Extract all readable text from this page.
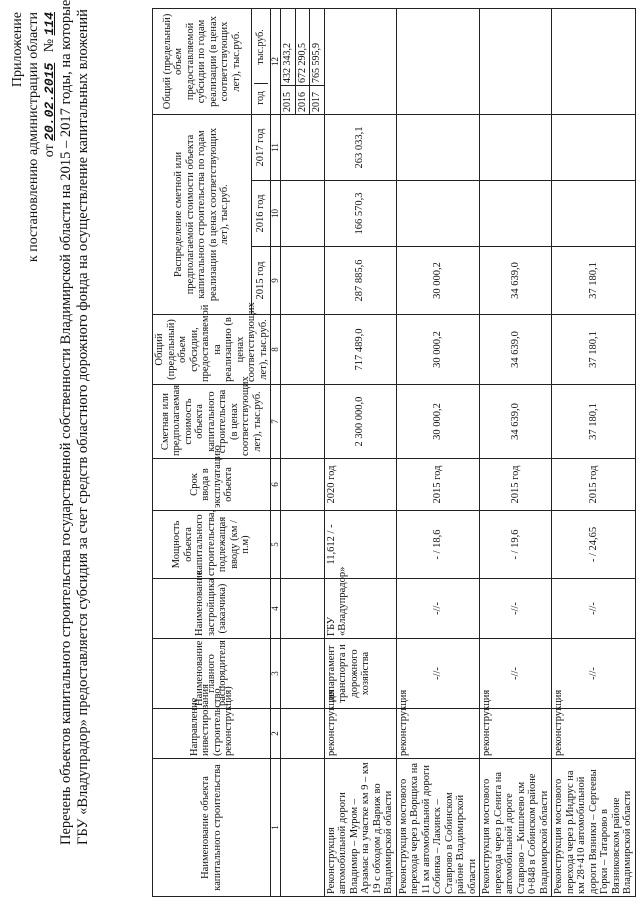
Приложение к постановлению администрации области от 20.02.2015   № 114 Перечень объектов капитального строительства государственной собственности Владимирской области на 2015 – 2017 годы, на которые ГБУ «Владупрадор» предоставляется субсидия за счет средств областного дорожного фонда на осуществление капитальных вложений	Наименование объекта капитального строительства	Направление инвестирования (строительство, реконструкция)	Наименование главного распорядителя	Наименование застройщика (заказчика)	Мощность объекта капитального строительства, подлежащая вводу (км / п.м)	Срок ввода в эксплуатацию объекта	Сметная или предполагаемая стоимость объекта капитального строительства (в ценах соответствующих лет), тыс.руб.	Общий (предельный) объем субсидии, предоставляемой на реализацию (в ценах соответствующих лет), тыс.руб.	Распределение сметной или предполагаемой стоимости объекта капитального строительства по годам реализации (в ценах соответствующих лет), тыс.руб.	Общий (предельный) объем предоставляемой субсидии по годам реализации (в ценах соответствующих лет), тыс.руб.
2015 год	2016 год	2017 год	
год	тыс.руб.

1	2	3	4	5	6	7	8	9	10	11	12

2015	432 343,2
2016	672 290,5
2017	765 595,9

Реконструкция автомобильной дороги Владимир – Муром – Арзамас на участке км 9 – км 19 с обходом д.Вариж во Владимирской области	реконструкция	департамент транспорта и дорожного хозяйства	ГБУ «Владупрадор»	11,612 / -	2020 год	2 300 000,0	717 489,0	287 885,6	166 570,3	263 033,1	
Реконструкция мостового перехода через р.Ворщиха на 11 км автомобильной дороги Собинка – Лакинск – Ставрово в Собинском районе Владимирской области	реконструкция	-//-	-//-	- / 18,6	2015 год	30 000,2	30 000,2	30 000,2			
Реконструкция мостового перехода через р.Сенига на автомобильной дороге Ставрово – Кишлеево км 0+848 в Собинском районе Владимирской области	реконструкция	-//-	-//-	- / 19,6	2015 год	34 639,0	34 639,0	34 639,0			
Реконструкция мостового перехода через р.Индрус на км 28+410 автомобильной дороги Вязники – Сергеевы Горки – Татарово в Вязниковском районе Владимирской области	реконструкция	-//-	-//-	- / 24,65	2015 год	37 180,1	37 180,1	37 180,1			
